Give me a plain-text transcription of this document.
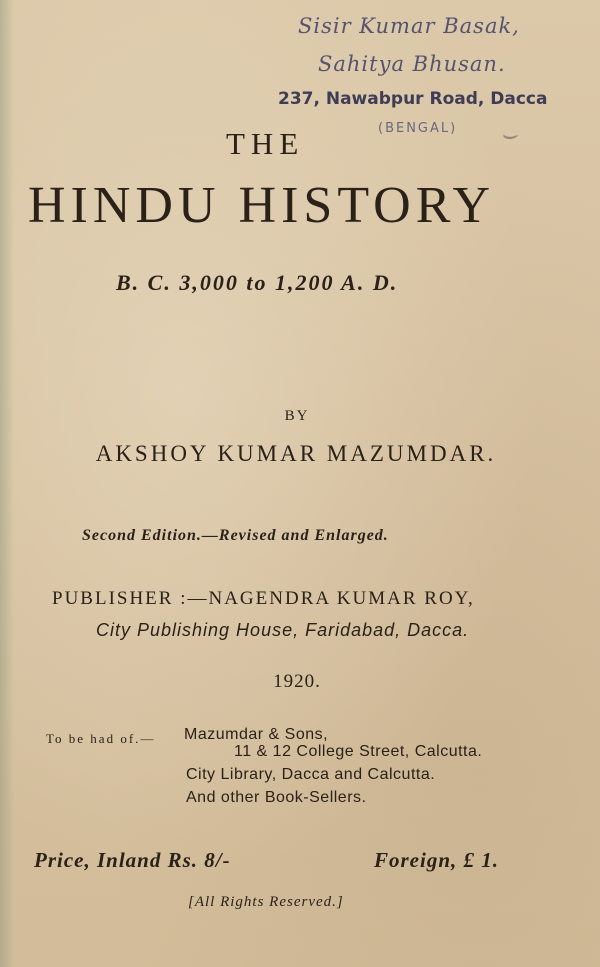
Sisir Kumar Basak,
Sahitya Bhusan.
237, Nawabpur Road, Dacca
(BENGAL) ⌣
THE
HINDU HISTORY
B. C. 3,000 to 1,200 A. D.
BY
AKSHOY KUMAR MAZUMDAR.
Second Edition.—Revised and Enlarged.
PUBLISHER :—NAGENDRA KUMAR ROY,
City Publishing House, Faridabad, Dacca.
1920.
To be had of.— Mazumdar & Sons,
11 & 12 College Street, Calcutta.
City Library, Dacca and Calcutta.
And other Book-Sellers.
Price, Inland Rs. 8/-	Foreign, £ 1.
[All Rights Reserved.]
